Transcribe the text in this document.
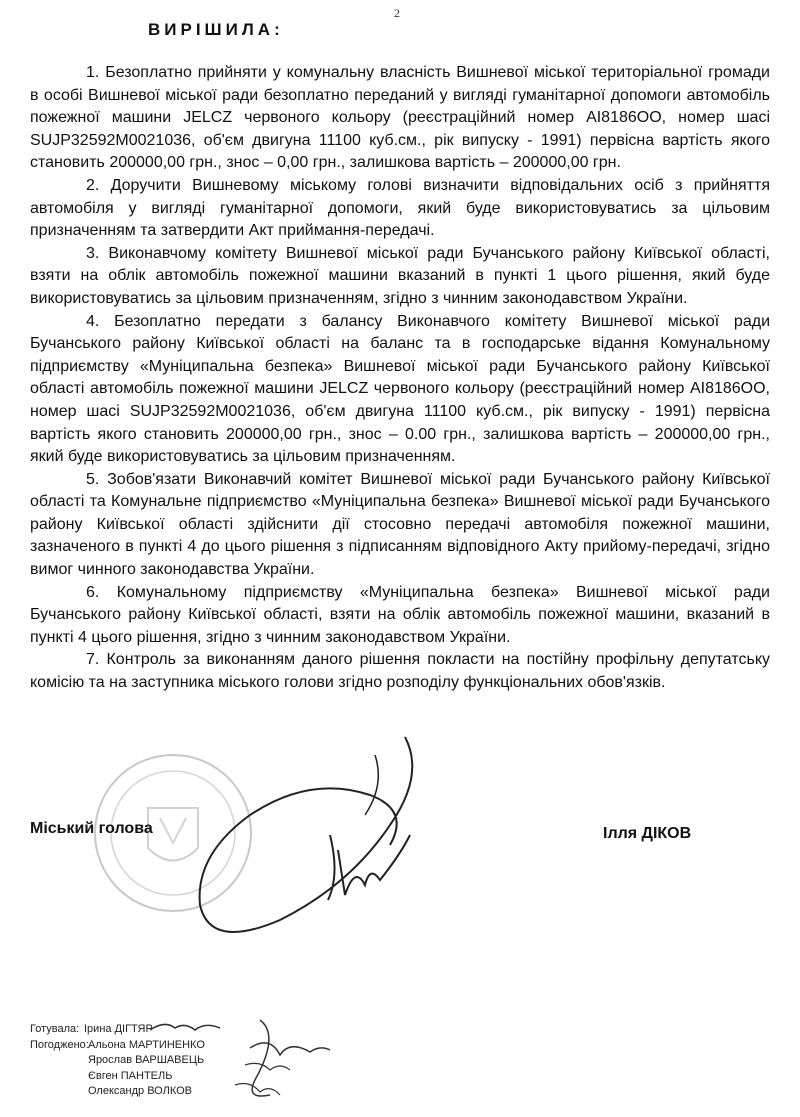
2
ВИРІШИЛА:

1. Безоплатно прийняти у комунальну власність Вишневої міської територіальної громади в особі Вишневої міської ради безоплатно переданий у вигляді гуманітарної допомоги автомобіль пожежної машини JELCZ червоного кольору (реєстраційний номер АІ8186ОО, номер шасі SUJP32592M0021036, об'єм двигуна 11100 куб.см., рік випуску - 1991) первісна вартість якого становить 200000,00 грн., знос – 0,00 грн., залишкова вартість – 200000,00 грн.

2. Доручити Вишневому міському голові визначити відповідальних осіб з прийняття автомобіля у вигляді гуманітарної допомоги, який буде використовуватись за цільовим призначенням та затвердити Акт приймання-передачі.

3. Виконавчому комітету Вишневої міської ради Бучанського району Київської області, взяти на облік автомобіль пожежної машини вказаний в пункті 1 цього рішення, який буде використовуватись за цільовим призначенням, згідно з чинним законодавством України.

4. Безоплатно передати з балансу Виконавчого комітету Вишневої міської ради Бучанського району Київської області на баланс та в господарське відання Комунальному підприємству «Муніципальна безпека» Вишневої міської ради Бучанського району Київської області автомобіль пожежної машини JELCZ червоного кольору (реєстраційний номер АІ8186ОО, номер шасі SUJP32592M0021036, об'єм двигуна 11100 куб.см., рік випуску - 1991) первісна вартість якого становить 200000,00 грн., знос – 0.00 грн., залишкова вартість – 200000,00 грн., який буде використовуватись за цільовим призначенням.

5. Зобов'язати Виконавчий комітет Вишневої міської ради Бучанського району Київської області та Комунальне підприємство «Муніципальна безпека» Вишневої міської ради Бучанського району Київської області здійснити дії стосовно передачі автомобіля пожежної машини, зазначеного в пункті 4 до цього рішення з підписанням відповідного Акту прийому-передачі, згідно вимог чинного законодавства України.

6. Комунальному підприємству «Муніципальна безпека» Вишневої міської ради Бучанського району Київської області, взяти на облік автомобіль пожежної машини, вказаний в пункті 4 цього рішення, згідно з чинним законодавством України.

7. Контроль за виконанням даного рішення покласти на постійну профільну депутатську комісію та на заступника міського голови згідно розподілу функціональних обов'язків.

Міський голова	Ілля ДІКОВ
Готувала: Ірина ДІГТЯР
Погоджено: Альона МАРТИНЕНКО
Ярослав ВАРШАВЕЦЬ
Євген ПАНТЕЛЬ
Олександр ВОЛКОВ
